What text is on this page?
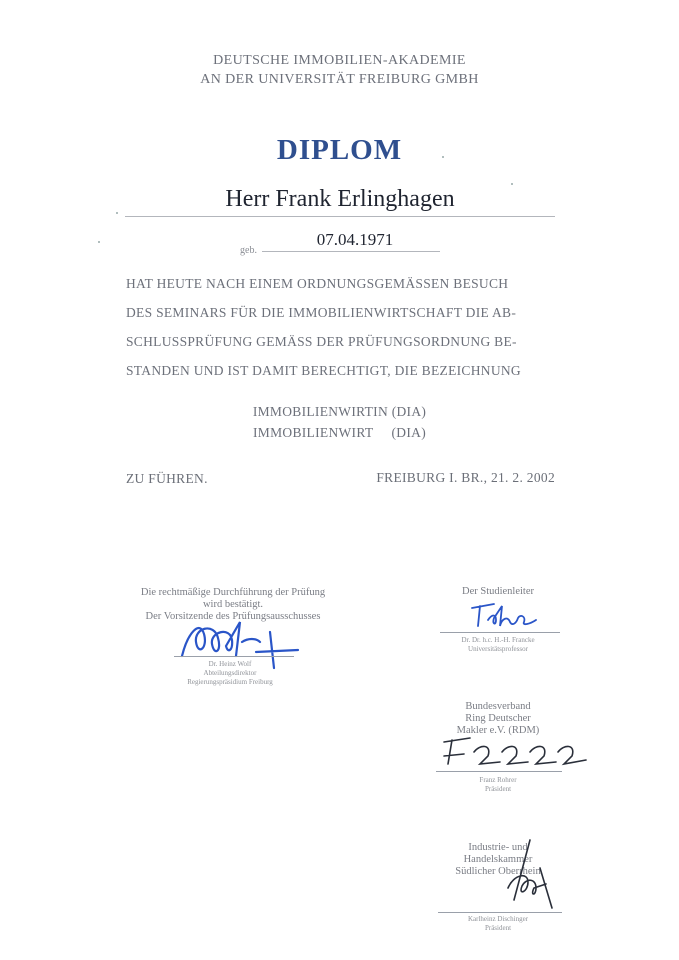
DEUTSCHE IMMOBILIEN-AKADEMIE
AN DER UNIVERSITÄT FREIBURG GMBH
DIPLOM
Herr Frank Erlinghagen
geb.
07.04.1971
HAT HEUTE NACH EINEM ORDNUNGSGEMÄSSEN BESUCH
DES SEMINARS FÜR DIE IMMOBILIENWIRTSCHAFT DIE AB-
SCHLUSSPRÜFUNG GEMÄSS DER PRÜFUNGSORDNUNG BE-
STANDEN UND IST DAMIT BERECHTIGT, DIE BEZEICHNUNG
IMMOBILIENWIRTIN (DIA)
IMMOBILIENWIRT     (DIA)
ZU FÜHREN.	FREIBURG I. BR., 21. 2. 2002
Die rechtmäßige Durchführung der Prüfung
wird bestätigt.
Der Vorsitzende des Prüfungsausschusses
Dr. Heinz Wolf
Abteilungsdirektor
Regierungspräsidium Freiburg
Der Studienleiter
Dr. Dr. h.c. H.-H. Francke
Universitätsprofessor
Bundesverband
Ring Deutscher
Makler e.V. (RDM)
Franz Rohrer
Präsident
Industrie- und
Handelskammer
Südlicher Oberrhein
Karlheinz Dischinger
Präsident
